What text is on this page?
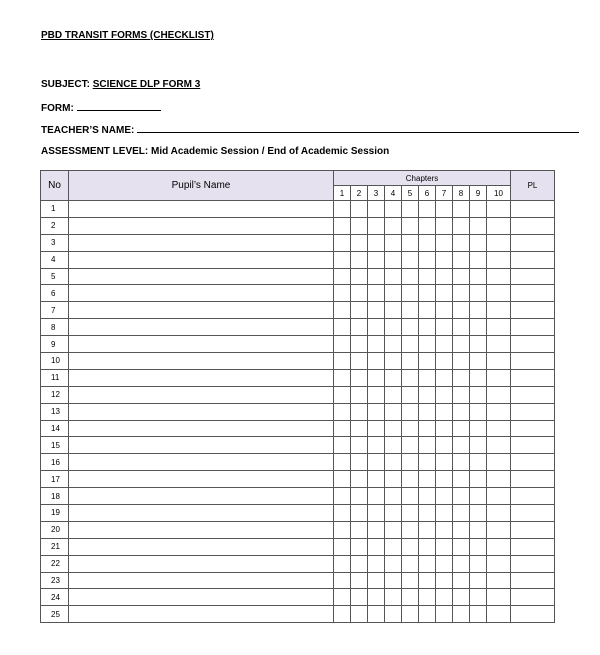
PBD TRANSIT FORMS (CHECKLIST)
SUBJECT: SCIENCE DLP FORM 3
FORM:
TEACHER’S NAME:
ASSESSMENT LEVEL: Mid Academic Session / End of Academic Session
No	Pupil’s Name	Chapters										PL
		1	2	3	4	5	6	7	8	9	10	
1												
2												
3												
4												
5												
6												
7												
8												
9												
10												
11												
12												
13												
14												
15												
16												
17												
18												
19												
20												
21												
22												
23												
24												
25												
